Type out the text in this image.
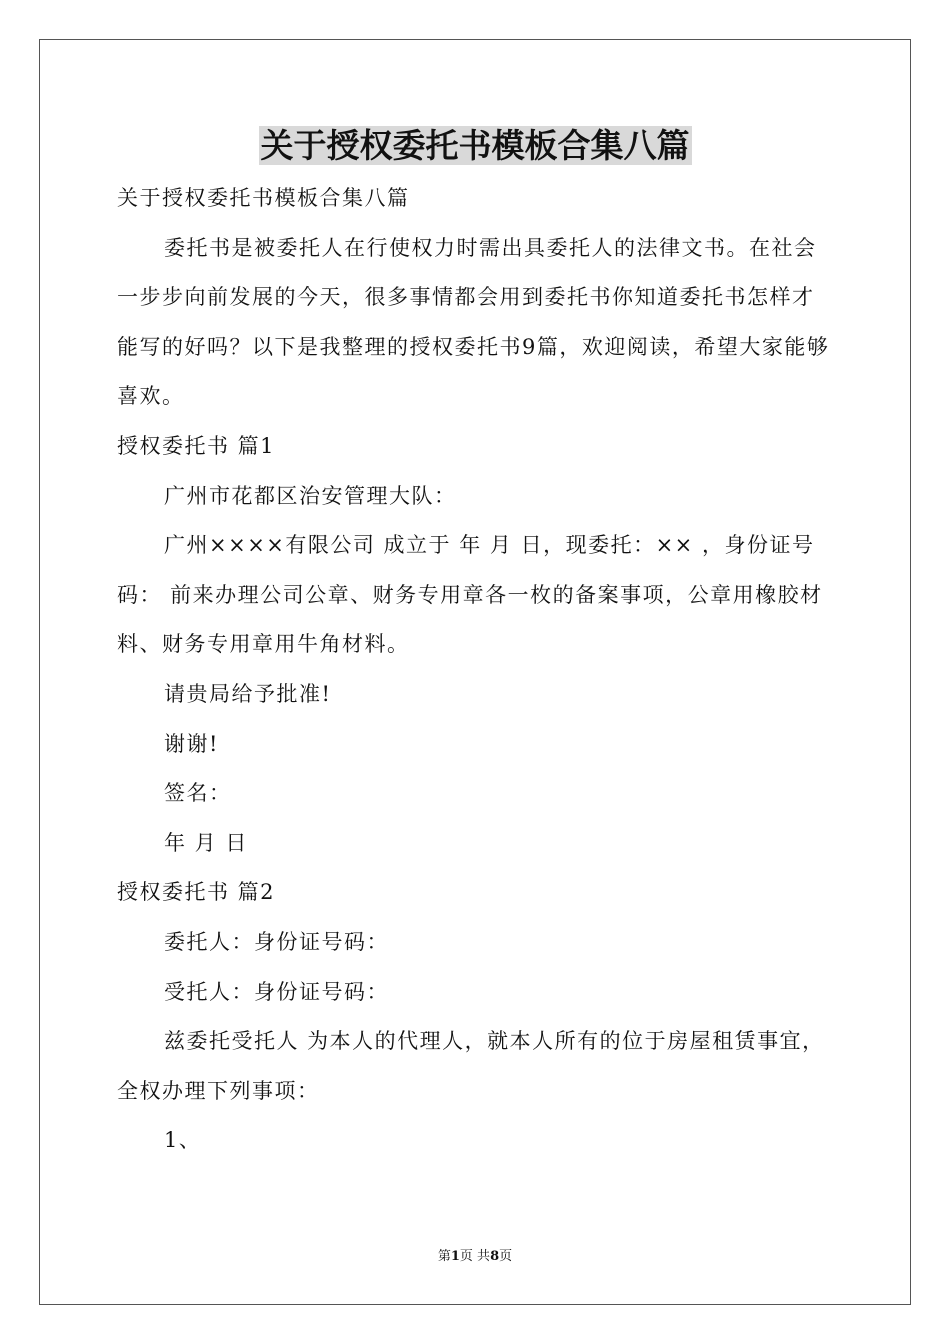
关于授权委托书模板合集八篇

关于授权委托书模板合集八篇

委托书是被委托人在行使权力时需出具委托人的法律文书。在社会一步步向前发展的今天，很多事情都会用到委托书你知道委托书怎样才能写的好吗？以下是我整理的授权委托书9篇，欢迎阅读，希望大家能够喜欢。

授权委托书 篇1

广州市花都区治安管理大队：

广州××××有限公司 成立于 年 月 日，现委托：×× ，身份证号码： 前来办理公司公章、财务专用章各一枚的备案事项，公章用橡胶材料、财务专用章用牛角材料。

请贵局给予批准!

谢谢!

签名：

年 月 日

授权委托书 篇2

委托人：身份证号码：

受托人：身份证号码：

兹委托受托人 为本人的代理人，就本人所有的位于房屋租赁事宜，全权办理下列事项：

1、

第1页 共8页
